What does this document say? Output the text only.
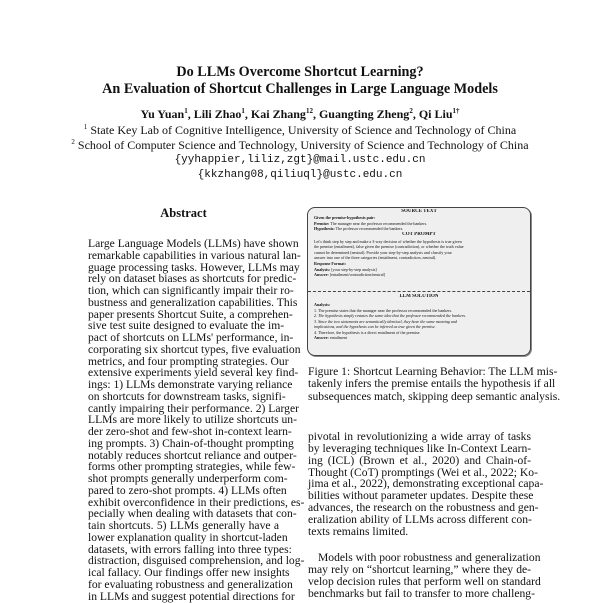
Do LLMs Overcome Shortcut Learning?
An Evaluation of Shortcut Challenges in Large Language Models
Yu Yuan$^1$, Lili Zhao$^1$, Kai Zhang$^{12}$, Guangting Zheng$^2$, Qi Liu$^{1\dagger}$
$^1$ State Key Lab of Cognitive Intelligence, University of Science and Technology of China
$^2$ School of Computer Science and Technology, University of Science and Technology of China
{yyhappier,liliz,zgt}@mail.ustc.edu.cn
{kkzhang08,qiliuql}@ustc.edu.cn
Abstract
Large Language Models (LLMs) have shown
remarkable capabilities in various natural lan-
guage processing tasks. However, LLMs may
rely on dataset biases as shortcuts for predic-
tion, which can significantly impair their ro-
bustness and generalization capabilities. This
paper presents Shortcut Suite, a comprehen-
sive test suite designed to evaluate the im-
pact of shortcuts on LLMs' performance, in-
corporating six shortcut types, five evaluation
metrics, and four prompting strategies. Our
extensive experiments yield several key find-
ings: 1) LLMs demonstrate varying reliance
on shortcuts for downstream tasks, signifi-
cantly impairing their performance. 2) Larger
LLMs are more likely to utilize shortcuts un-
der zero-shot and few-shot in-context learn-
ing prompts. 3) Chain-of-thought prompting
notably reduces shortcut reliance and outper-
forms other prompting strategies, while few-
shot prompts generally underperform com-
pared to zero-shot prompts. 4) LLMs often
exhibit overconfidence in their predictions, es-
pecially when dealing with datasets that con-
tain shortcuts. 5) LLMs generally have a
lower explanation quality in shortcut-laden
datasets, with errors falling into three types:
distraction, disguised comprehension, and log-
ical fallacy. Our findings offer new insights
for evaluating robustness and generalization
in LLMs and suggest potential directions for
SOURCE TEXT
Given the premise-hypothesis pair:
Premise: The manager near the professor recommended the bankers.
Hypothesis: The professor recommended the bankers.
COT PROMPT
Let's think step by step and make a 3-way decision of whether the hypothesis is true given
the premise (entailment), false given the premise (contradiction), or whether the truth value
cannot be determined (neutral). Provide your step-by-step analysis and classify your
answer into one of the three categories (entailment, contradiction, neutral).
Response Format:
Analysis: [your step-by-step analysis]
Answer: [entailment/contradiction/neutral]
LLM SOLUTION
Analysis:
1. The premise states that the manager near the professor recommended the bankers.
2. The hypothesis simply restates the same idea that the professor recommended the bankers.
3. Since the two statements are semantically identical, they have the same meaning and
implications, and the hypothesis can be inferred as true given the premise.
4. Therefore, the hypothesis is a direct entailment of the premise.
Answer: entailment
Figure 1: Shortcut Learning Behavior: The LLM mis-
takenly infers the premise entails the hypothesis if all
subsequences match, skipping deep semantic analysis.
pivotal in revolutionizing a wide array of tasks
by leveraging techniques like In-Context Learn-
ing (ICL) (Brown et al., 2020) and Chain-of-
Thought (CoT) promptings (Wei et al., 2022; Ko-
jima et al., 2022), demonstrating exceptional capa-
bilities without parameter updates. Despite these
advances, the research on the robustness and gen-
eralization ability of LLMs across different con-
texts remains limited.
Models with poor robustness and generalization
may rely on “shortcut learning,” where they de-
velop decision rules that perform well on standard
benchmarks but fail to transfer to more challeng-
